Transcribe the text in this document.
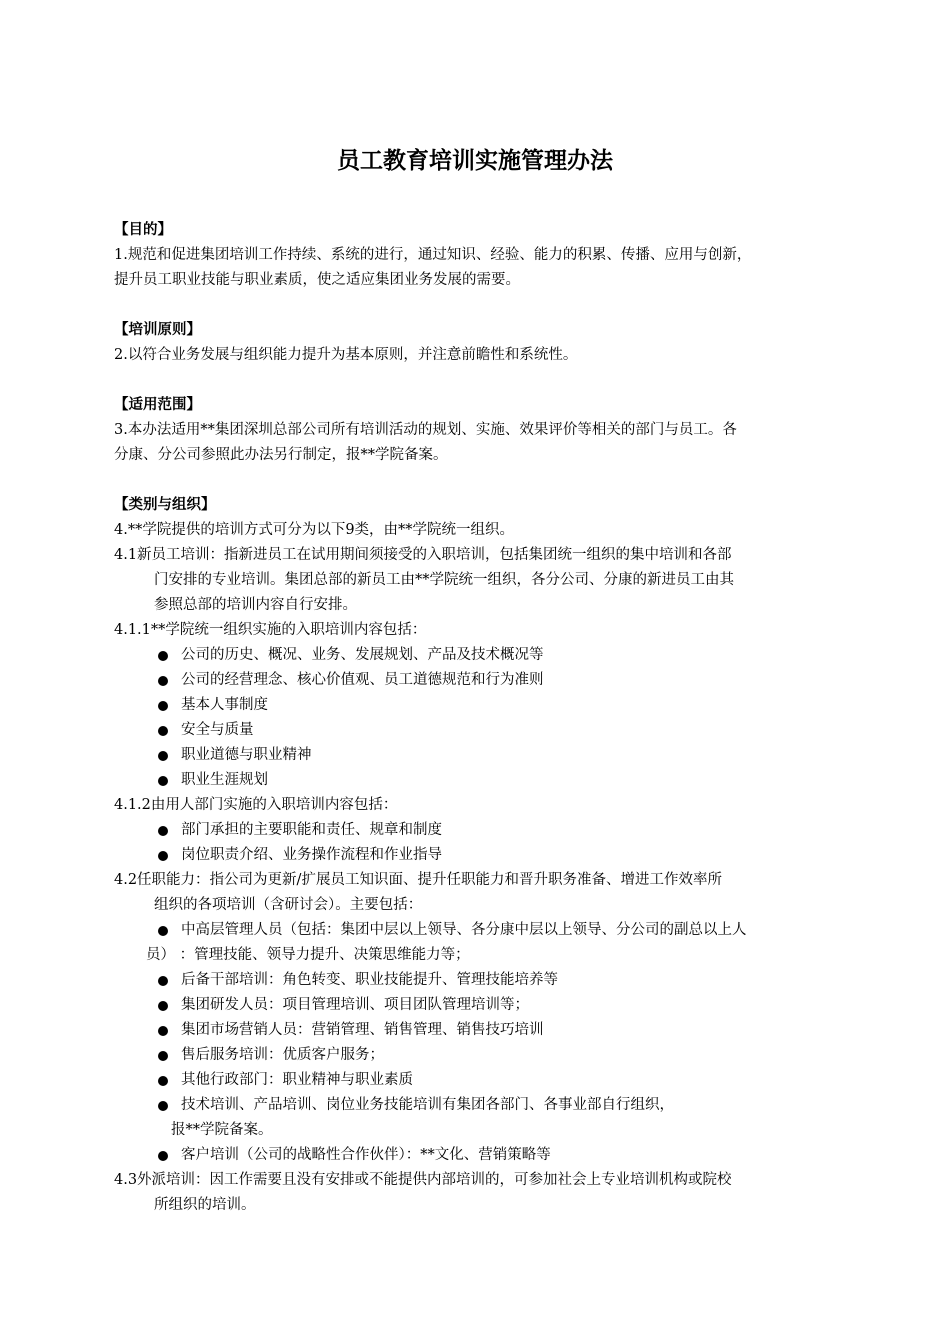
员工教育培训实施管理办法
【目的】
1.规范和促进集团培训工作持续、系统的进行，通过知识、经验、能力的积累、传播、应用与创新，
提升员工职业技能与职业素质，使之适应集团业务发展的需要。
【培训原则】
2.以符合业务发展与组织能力提升为基本原则，并注意前瞻性和系统性。
【适用范围】
3.本办法适用**集团深圳总部公司所有培训活动的规划、实施、效果评价等相关的部门与员工。各
分康、分公司参照此办法另行制定，报**学院备案。
【类别与组织】
4.**学院提供的培训方式可分为以下9类，由**学院统一组织。
4.1新员工培训：指新进员工在试用期间须接受的入职培训，包括集团统一组织的集中培训和各部
门安排的专业培训。集团总部的新员工由**学院统一组织，各分公司、分康的新进员工由其
参照总部的培训内容自行安排。
4.1.1**学院统一组织实施的入职培训内容包括：
公司的历史、概况、业务、发展规划、产品及技术概况等
公司的经营理念、核心价值观、员工道德规范和行为准则
基本人事制度
安全与质量
职业道德与职业精神
职业生涯规划
4.1.2由用人部门实施的入职培训内容包括：
部门承担的主要职能和责任、规章和制度
岗位职责介绍、业务操作流程和作业指导
4.2任职能力：指公司为更新/扩展员工知识面、提升任职能力和晋升职务准备、增进工作效率所
组织的各项培训（含研讨会）。主要包括：
中高层管理人员（包括：集团中层以上领导、各分康中层以上领导、分公司的副总以上人
员） ：管理技能、领导力提升、决策思维能力等；
后备干部培训：角色转变、职业技能提升、管理技能培养等
集团研发人员：项目管理培训、项目团队管理培训等；
集团市场营销人员：营销管理、销售管理、销售技巧培训
售后服务培训：优质客户服务；
其他行政部门：职业精神与职业素质
技术培训、产品培训、岗位业务技能培训有集团各部门、各事业部自行组织，
报**学院备案。
客户培训（公司的战略性合作伙伴）：**文化、营销策略等
4.3外派培训：因工作需要且没有安排或不能提供内部培训的，可参加社会上专业培训机构或院校
所组织的培训。
